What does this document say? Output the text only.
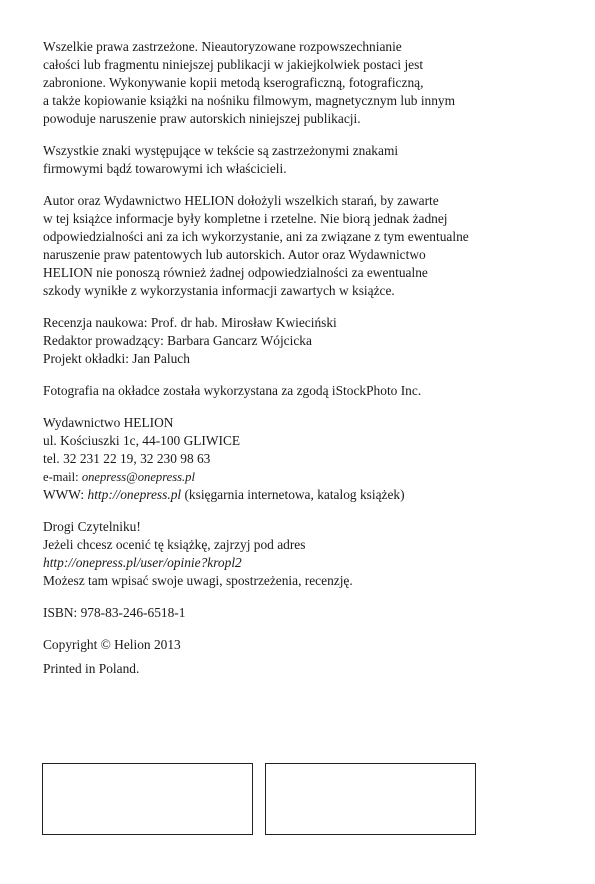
Wszelkie prawa zastrzeżone. Nieautoryzowane rozpowszechnianie
całości lub fragmentu niniejszej publikacji w jakiejkolwiek postaci jest
zabronione. Wykonywanie kopii metodą kserograficzną, fotograficzną,
a także kopiowanie książki na nośniku filmowym, magnetycznym lub innym
powoduje naruszenie praw autorskich niniejszej publikacji.
Wszystkie znaki występujące w tekście są zastrzeżonymi znakami
firmowymi bądź towarowymi ich właścicieli.
Autor oraz Wydawnictwo HELION dołożyli wszelkich starań, by zawarte
w tej książce informacje były kompletne i rzetelne. Nie biorą jednak żadnej
odpowiedzialności ani za ich wykorzystanie, ani za związane z tym ewentualne
naruszenie praw patentowych lub autorskich. Autor oraz Wydawnictwo
HELION nie ponoszą również żadnej odpowiedzialności za ewentualne
szkody wynikłe z wykorzystania informacji zawartych w książce.
Recenzja naukowa: Prof. dr hab. Mirosław Kwieciński
Redaktor prowadzący: Barbara Gancarz Wójcicka
Projekt okładki: Jan Paluch
Fotografia na okładce została wykorzystana za zgodą iStockPhoto Inc.
Wydawnictwo HELION
ul. Kościuszki 1c, 44-100 GLIWICE
tel. 32 231 22 19, 32 230 98 63
e-mail: onepress@onepress.pl
WWW: http://onepress.pl (księgarnia internetowa, katalog książek)
Drogi Czytelniku!
Jeżeli chcesz ocenić tę książkę, zajrzyj pod adres
http://onepress.pl/user/opinie?kropl2
Możesz tam wpisać swoje uwagi, spostrzeżenia, recenzję.
ISBN: 978-83-246-6518-1
Copyright © Helion 2013
Printed in Poland.
